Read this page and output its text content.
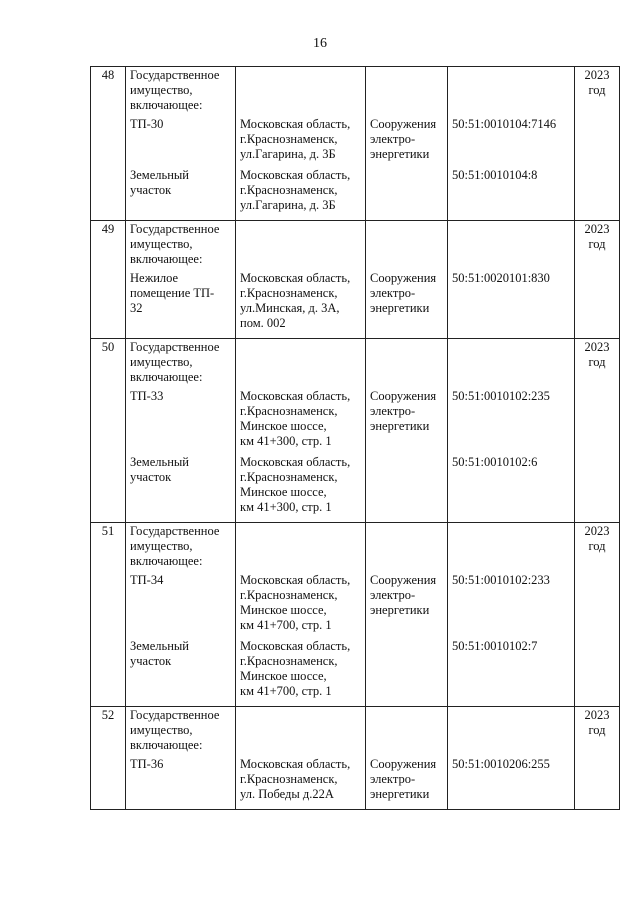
16
48	Государственное
имущество,
включающее:				2023
год
	ТП-30	Московская область,
г.Краснознаменск,
ул.Гагарина, д. 3Б	Сооружения
электро-
энергетики	50:51:0010104:7146	
	Земельный
участок	Московская область,
г.Краснознаменск,
ул.Гагарина, д. 3Б		50:51:0010104:8	

49	Государственное
имущество,
включающее:				2023
год
	Нежилое
помещение ТП-
32	Московская область,
г.Краснознаменск,
ул.Минская, д. 3А,
пом. 002	Сооружения
электро-
энергетики	50:51:0020101:830	

50	Государственное
имущество,
включающее:				2023
год
	ТП-33	Московская область,
г.Краснознаменск,
Минское шоссе,
км 41+300, стр. 1	Сооружения
электро-
энергетики	50:51:0010102:235	
	Земельный
участок	Московская область,
г.Краснознаменск,
Минское шоссе,
км 41+300, стр. 1		50:51:0010102:6	

51	Государственное
имущество,
включающее:				2023
год
	ТП-34	Московская область,
г.Краснознаменск,
Минское шоссе,
км 41+700, стр. 1	Сооружения
электро-
энергетики	50:51:0010102:233	
	Земельный
участок	Московская область,
г.Краснознаменск,
Минское шоссе,
км 41+700, стр. 1		50:51:0010102:7	

52	Государственное
имущество,
включающее:				2023
год
	ТП-36	Московская область,
г.Краснознаменск,
ул. Победы д.22А	Сооружения
электро-
энергетики	50:51:0010206:255	
